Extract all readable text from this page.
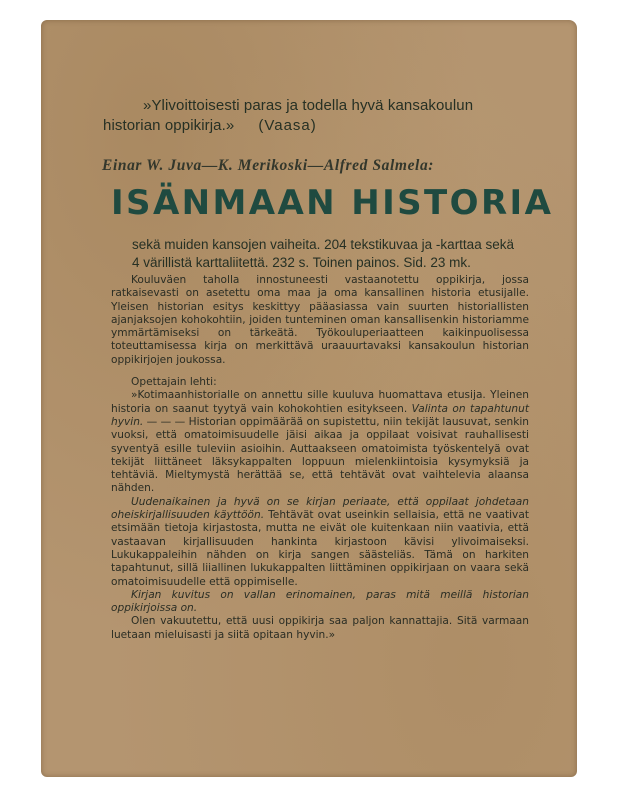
»Ylivoittoisesti paras ja todella hyvä kansakoulun
historian oppikirja.» (Vaasa)
Einar W. Juva—K. Merikoski—Alfred Salmela:
ISÄNMAAN HISTORIA
sekä muiden kansojen vaiheita. 204 tekstikuvaa ja -karttaa sekä
4 värillistä karttaliitettä. 232 s. Toinen painos. Sid. 23 mk.

Kouluväen taholla innostuneesti vastaanotettu oppikirja, jossa ratkaisevasti on asetettu oma maa ja oma kansallinen historia etusijalle. Yleisen historian esitys keskittyy pääasiassa vain suurten historiallisten ajanjaksojen kohokohtiin, joiden tunteminen oman kansallisenkin historiamme ymmärtämiseksi on tärkeätä. Työkouluperiaatteen kaikinpuolisessa toteuttamisessa kirja on merkittävä uraauurtavaksi kansakoulun historian oppikirjojen joukossa.

Opettajain lehti:

»Kotimaanhistorialle on annettu sille kuuluva huomattava etusija. Yleinen historia on saanut tyytyä vain kohokohtien esitykseen. Valinta on tapahtunut hyvin. — — — Historian oppimäärää on supistettu, niin tekijät lausuvat, senkin vuoksi, että omatoimisuudelle jäisi aikaa ja oppilaat voisivat rauhallisesti syventyä esille tuleviin asioihin. Auttaakseen omatoimista työskentelyä ovat tekijät liittäneet läksykappalten loppuun mielenkiintoisia kysymyksiä ja tehtäviä. Mieltymystä herättää se, että tehtävät ovat vaihtelevia alaansa nähden.

Uudenaikainen ja hyvä on se kirjan periaate, että oppilaat johdetaan oheiskirjallisuuden käyttöön. Tehtävät ovat useinkin sellaisia, että ne vaativat etsimään tietoja kirjastosta, mutta ne eivät ole kuitenkaan niin vaativia, että vastaavan kirjallisuuden hankinta kirjastoon kävisi ylivoimaiseksi. Lukukappaleihin nähden on kirja sangen säästeliäs. Tämä on harkiten tapahtunut, sillä liiallinen lukukappalten liittäminen oppikirjaan on vaara sekä omatoimisuudelle että oppimiselle.

Kirjan kuvitus on vallan erinomainen, paras mitä meillä historian oppikirjoissa on.

Olen vakuutettu, että uusi oppikirja saa paljon kannattajia. Sitä varmaan luetaan mieluisasti ja siitä opitaan hyvin.»
